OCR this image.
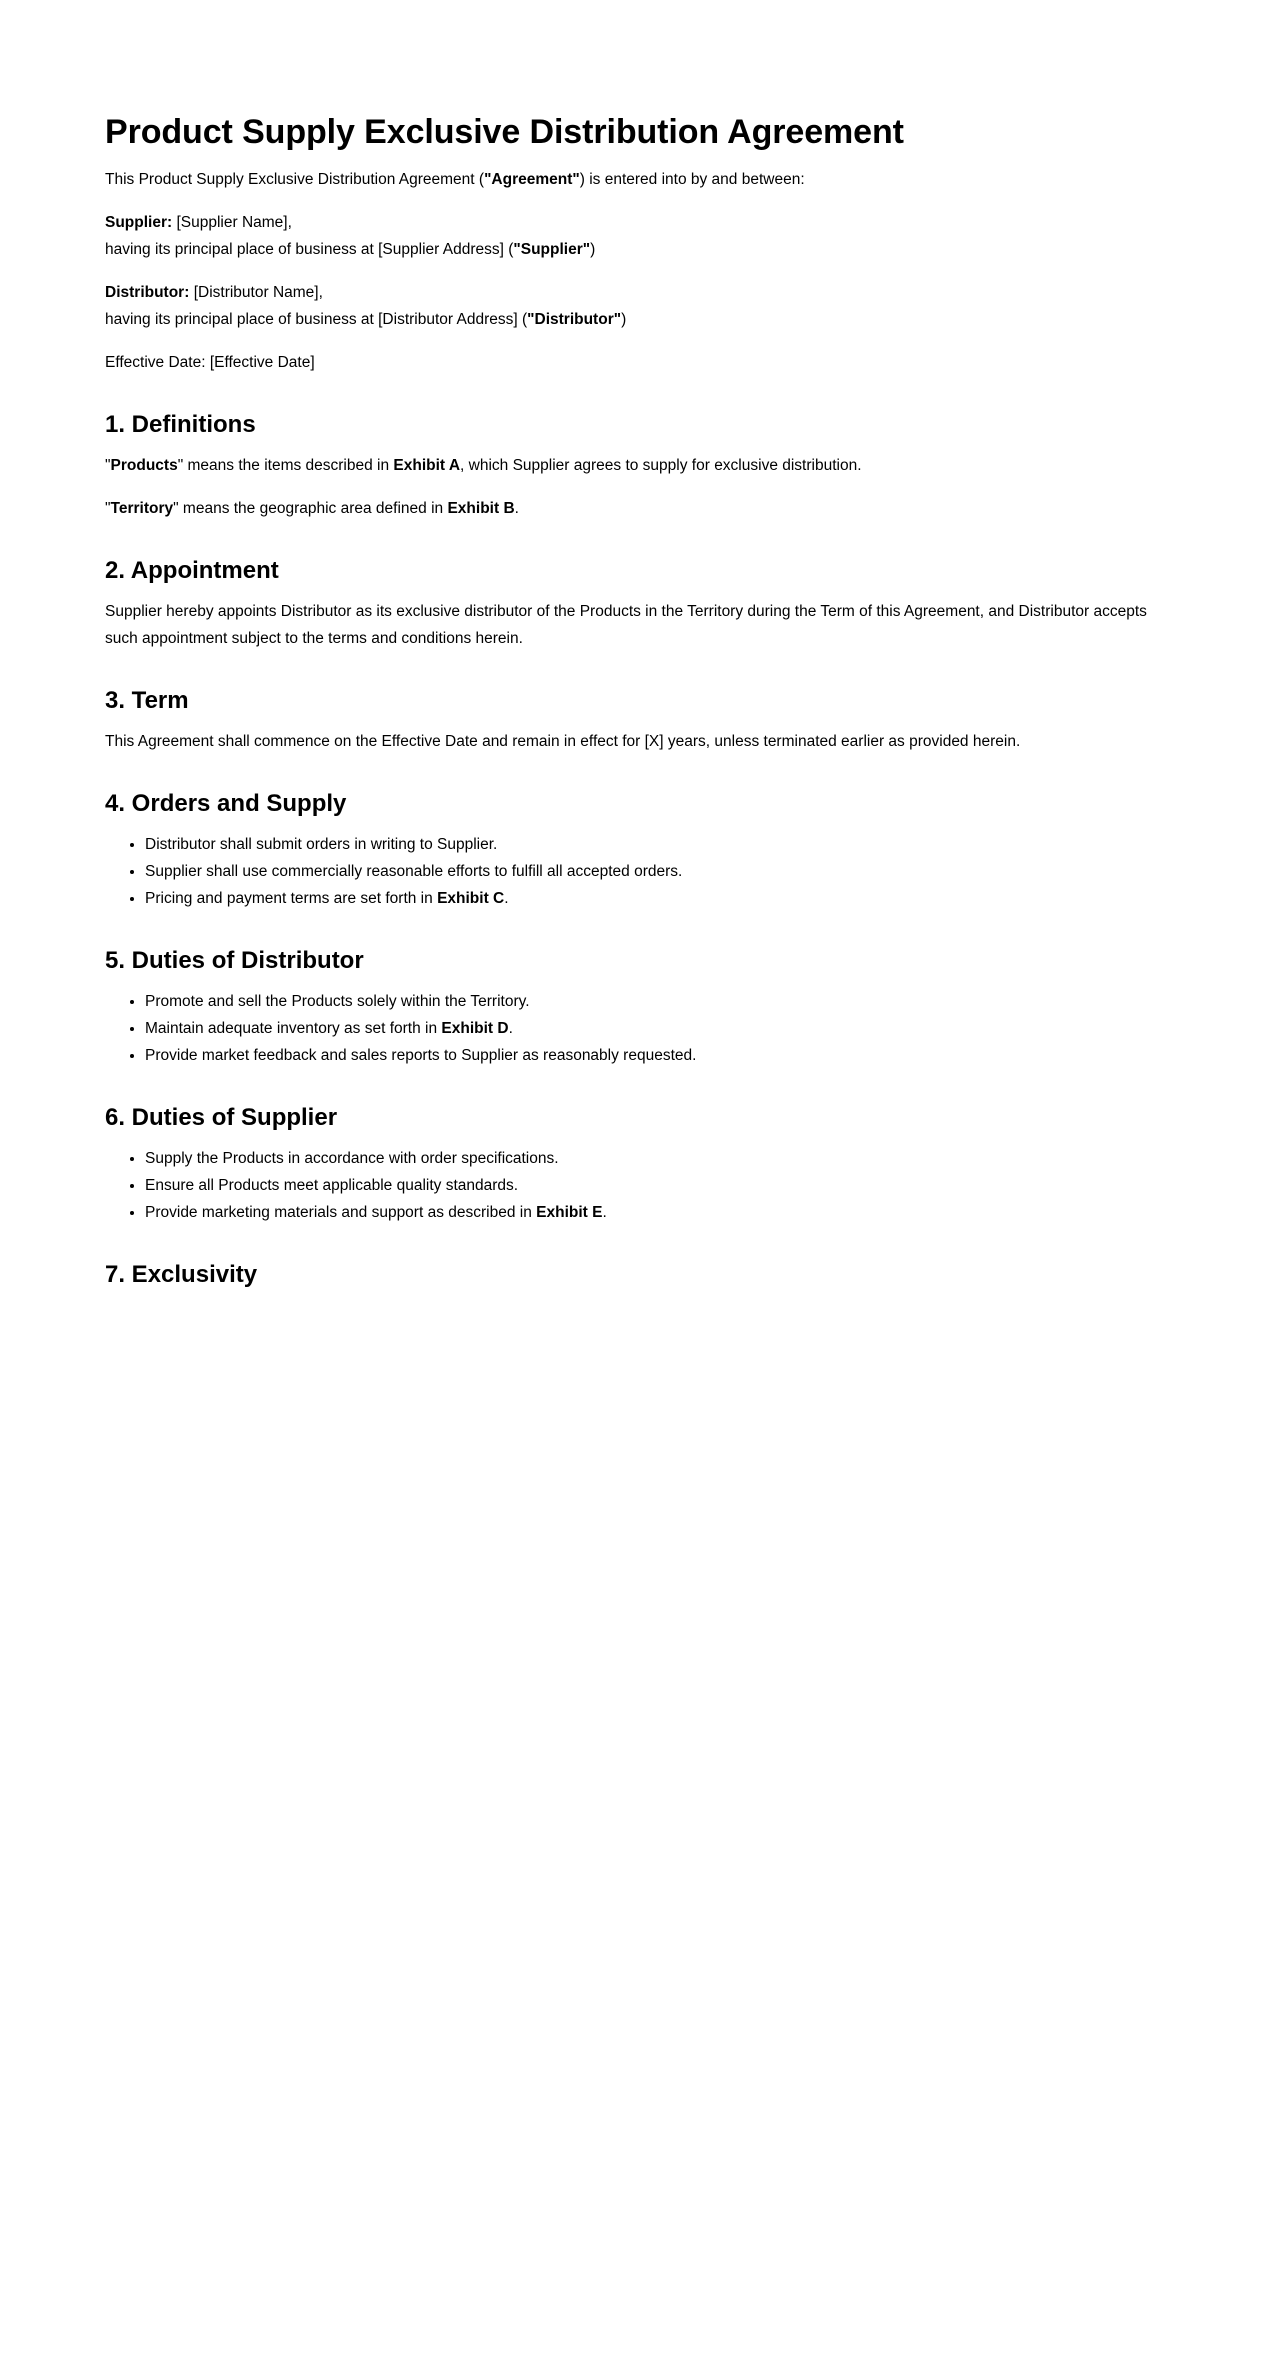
Product Supply Exclusive Distribution Agreement

This Product Supply Exclusive Distribution Agreement ("Agreement") is entered into by and between:

Supplier: [Supplier Name],

having its principal place of business at [Supplier Address] ("Supplier")

Distributor: [Distributor Name],

having its principal place of business at [Distributor Address] ("Distributor")

Effective Date: [Effective Date]

1. Definitions

"Products" means the items described in Exhibit A, which Supplier agrees to supply for exclusive distribution.

"Territory" means the geographic area defined in Exhibit B.

2. Appointment

Supplier hereby appoints Distributor as its exclusive distributor of the Products in the Territory during the Term of this Agreement, and Distributor accepts such appointment subject to the terms and conditions herein.

3. Term

This Agreement shall commence on the Effective Date and remain in effect for [X] years, unless terminated earlier as provided herein.

4. Orders and Supply
• Distributor shall submit orders in writing to Supplier.
• Supplier shall use commercially reasonable efforts to fulfill all accepted orders.
• Pricing and payment terms are set forth in Exhibit C.
5. Duties of Distributor
• Promote and sell the Products solely within the Territory.
• Maintain adequate inventory as set forth in Exhibit D.
• Provide market feedback and sales reports to Supplier as reasonably requested.
6. Duties of Supplier
• Supply the Products in accordance with order specifications.
• Ensure all Products meet applicable quality standards.
• Provide marketing materials and support as described in Exhibit E.
7. Exclusivity
